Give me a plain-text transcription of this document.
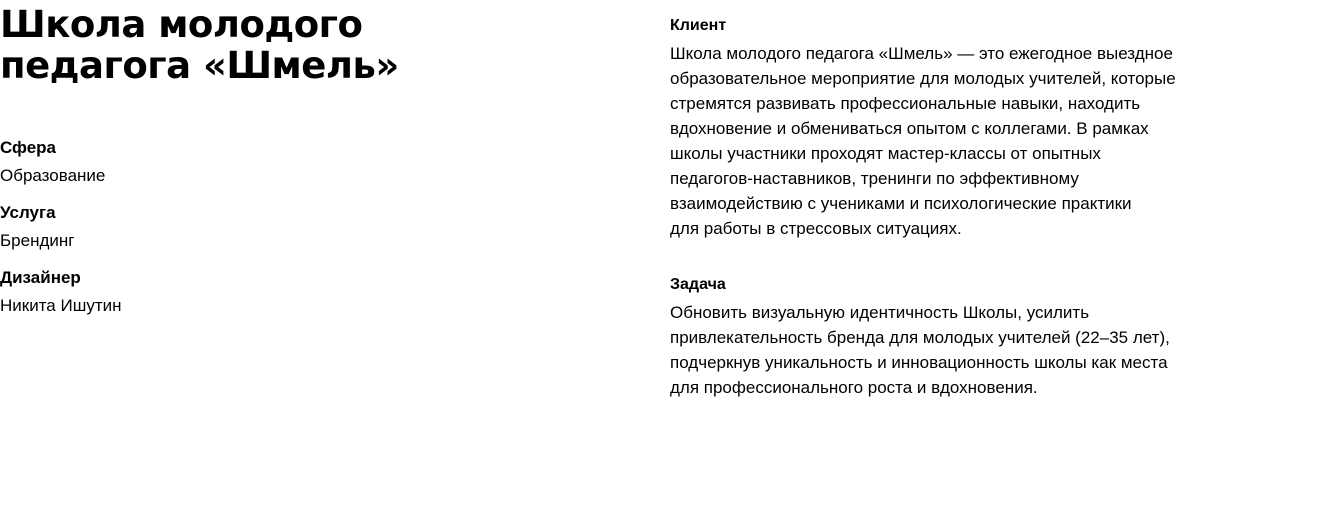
Школа молодого
педагога «Шмель»
Сфера
Образование
Услуга
Брендинг
Дизайнер
Никита Ишутин
Клиент
Школа молодого педагога «Шмель» — это ежегодное выездное
образовательное мероприятие для молодых учителей, которые
стремятся развивать профессиональные навыки, находить
вдохновение и обмениваться опытом с коллегами. В рамках
школы участники проходят мастер-классы от опытных
педагогов-наставников, тренинги по эффективному
взаимодействию с учениками и психологические практики
для работы в стрессовых ситуациях.
Задача
Обновить визуальную идентичность Школы, усилить
привлекательность бренда для молодых учителей (22–35 лет),
подчеркнув уникальность и инновационность школы как места
для профессионального роста и вдохновения.
